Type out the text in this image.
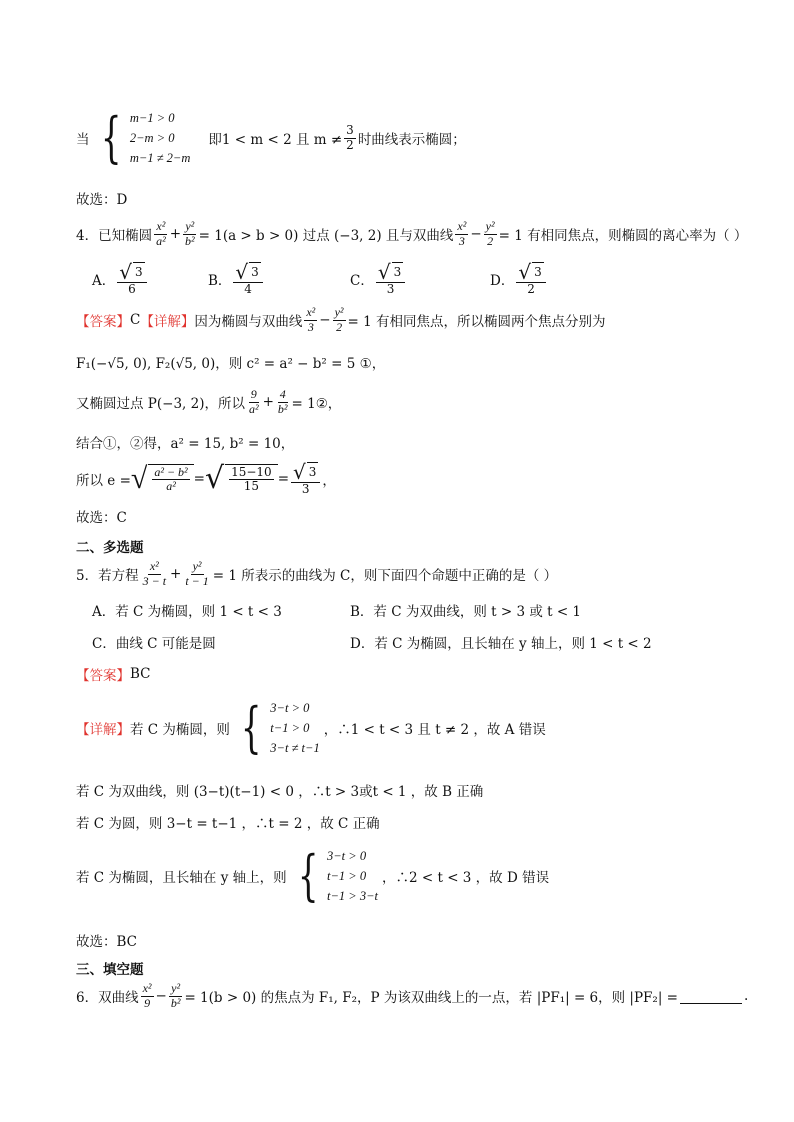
当 { m−1 > 0
2−m > 0
m−1 ≠ 2−m
即1 < m < 2 且 $m \ne \frac{3}{2}$ 时曲线表示椭圆；
故选：D
4．已知椭圆 $\frac{\text{x²}}{\text{a²}} + \frac{\text{y²}}{\text{b²}} = 1(a > b > 0)$ 过点 (−3, 2) 且与双曲线 $\frac{\text{x²}}{3} - \frac{\text{y²}}{2} = 1$ 有相同焦点，则椭圆的离心率为（ ）
A． $\frac{√ 3}{6}$	B． $\frac{√ 3}{4}$	C． $\frac{√ 3}{3}$	D． $\frac{√ 3}{2}$
【答案】 C 【详解】 因为椭圆与双曲线 $\frac{\text{x²}}{3} - \frac{\text{y²}}{2} = 1$ 有相同焦点，所以椭圆两个焦点分别为
F₁(−√5, 0), F₂(√5, 0)，则 c² = a² − b² = 5 ①，
又椭圆过点 P(−3, 2)，所以 $\frac{9}{\text{a²}} + \frac{4}{\text{b²}}$ = 1②，
结合①，②得，a² = 15, b² = 10，
所以 e = √ $\frac{\text{a² − b²}}{\text{a²}}$ = √ $\frac{15-10}{15} = \frac{√ 3}{3}$ ，
故选：C
二、多选题
5．若方程 $\frac{\text{x²}}{3 - t} + \frac{\text{y²}}{t - 1} = 1$ 所表示的曲线为 C，则下面四个命题中正确的是（ ）
A．若 C 为椭圆，则 1 < t < 3	B．若 C 为双曲线，则 t > 3 或 t < 1
C．曲线 C 可能是圆	D．若 C 为椭圆，且长轴在 y 轴上，则 1 < t < 2
【答案】 BC
【详解】 若 C 为椭圆，则 { 3−t > 0
t−1 > 0
3−t ≠ t−1
，∴1 < t < 3 且 t ≠ 2 ，故 A 错误
若 C 为双曲线，则 (3−t)(t−1) < 0 ，∴t > 3或t < 1 ，故 B 正确
若 C 为圆，则 3−t = t−1 ，∴t = 2 ，故 C 正确
若 C 为椭圆，且长轴在 y 轴上，则 { 3−t > 0
t−1 > 0
t−1 > 3−t
，∴2 < t < 3 ，故 D 错误
故选：BC
三、填空题
6．双曲线 $\frac{\text{x²}}{9} - \frac{\text{y²}}{\text{b²}} = 1(b > 0)$ 的焦点为 F₁, F₂，P 为该双曲线上的一点，若 |PF₁| = 6，则 |PF₂| =	.
